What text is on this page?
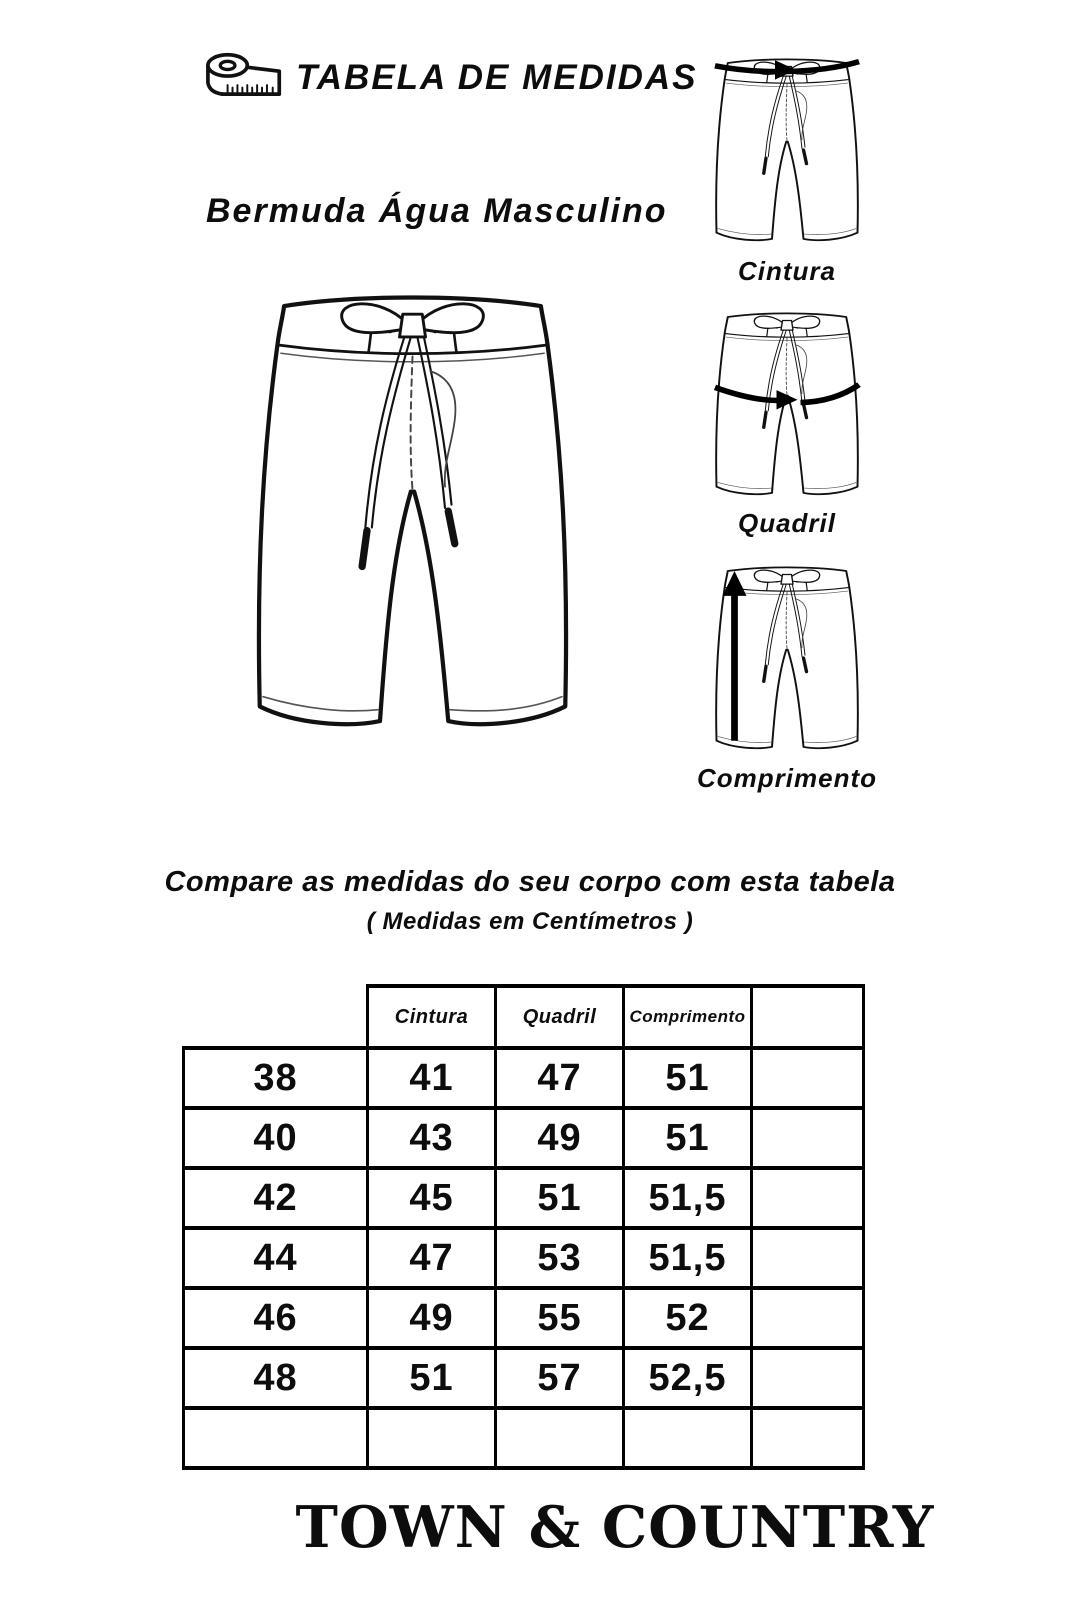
TABELA DE MEDIDAS
Bermuda Água Masculino
Cintura
Quadril
Comprimento
Compare as medidas do seu corpo com esta tabela
( Medidas em Centímetros )
	Cintura	Quadril	Comprimento	
38	41	47	51	
40	43	49	51	
42	45	51	51,5	
44	47	53	51,5	
46	49	55	52	
48	51	57	52,5	

TOWN & COUNTRY
